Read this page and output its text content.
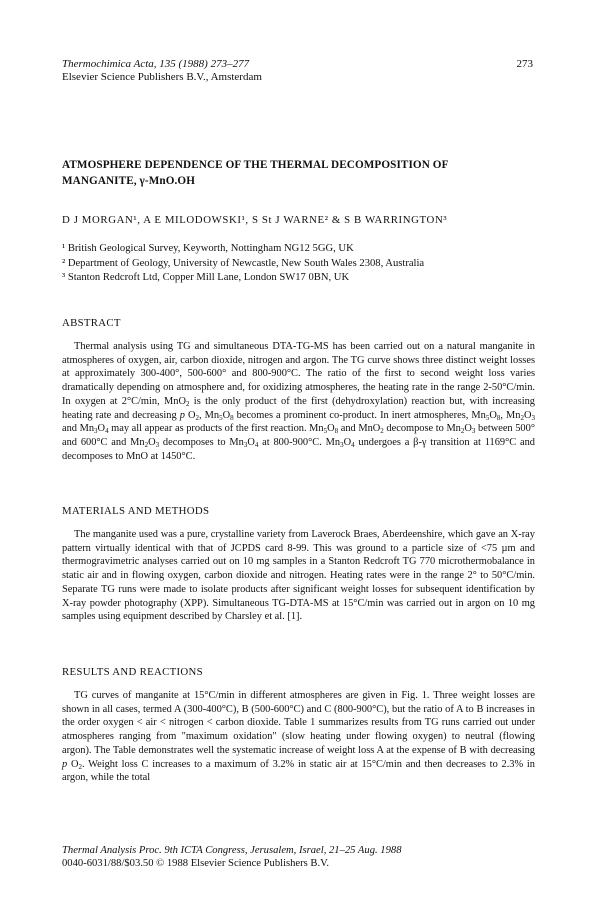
Thermochimica Acta, 135 (1988) 273–277
Elsevier Science Publishers B.V., Amsterdam
273
ATMOSPHERE DEPENDENCE OF THE THERMAL DECOMPOSITION OF
MANGANITE, γ-MnO.OH
D J MORGAN¹, A E MILODOWSKI¹, S St J WARNE² & S B WARRINGTON³
¹ British Geological Survey, Keyworth, Nottingham NG12 5GG, UK
² Department of Geology, University of Newcastle, New South Wales 2308, Australia
³ Stanton Redcroft Ltd, Copper Mill Lane, London SW17 0BN, UK
ABSTRACT

Thermal analysis using TG and simultaneous DTA-TG-MS has been carried out on a natural manganite in atmospheres of oxygen, air, carbon dioxide, nitrogen and argon. The TG curve shows three distinct weight losses at approximately 300-400°, 500-600° and 800-900°C. The ratio of the first to second weight loss varies dramatically depending on atmosphere and, for oxidizing atmospheres, the heating rate in the range 2-50°C/min. In oxygen at 2°C/min, MnO$_2$ is the only product of the first (dehydroxylation) reaction but, with increasing heating rate and decreasing p $O_2$, $Mn_5O_8$ becomes a prominent co-product. In inert atmospheres, $Mn_5O_8$, $Mn_2O_3$ and $Mn_3O_4$ may all appear as products of the first reaction. $Mn_5O_8$ and MnO$_2$ decompose to $Mn_2O_3$ between 500° and 600°C and $Mn_2O_3$ decomposes to $Mn_3O_4$ at 800-900°C. $Mn_3O_4$ undergoes a β-γ transition at 1169°C and decomposes to MnO at 1450°C.

MATERIALS AND METHODS

The manganite used was a pure, crystalline variety from Laverock Braes, Aberdeenshire, which gave an X-ray pattern virtually identical with that of JCPDS card 8-99. This was ground to a particle size of <75 µm and thermogravimetric analyses carried out on 10 mg samples in a Stanton Redcroft TG 770 microthermobalance in static air and in flowing oxygen, carbon dioxide and nitrogen. Heating rates were in the range 2° to 50°C/min. Separate TG runs were made to isolate products after significant weight losses for subsequent identification by X-ray powder photography (XPP). Simultaneous TG-DTA-MS at 15°C/min was carried out in argon on 10 mg samples using equipment described by Charsley et al. [1].

RESULTS AND REACTIONS

TG curves of manganite at 15°C/min in different atmospheres are given in Fig. 1. Three weight losses are shown in all cases, termed A (300-400°C), B (500-600°C) and C (800-900°C), but the ratio of A to B increases in the order oxygen < air < nitrogen < carbon dioxide. Table 1 summarizes results from TG runs carried out under atmospheres ranging from "maximum oxidation" (slow heating under flowing oxygen) to neutral (flowing argon). The Table demonstrates well the systematic increase of weight loss A at the expense of B with decreasing p $O_2$. Weight loss C increases to a maximum of 3.2% in static air at 15°C/min and then decreases to 2.3% in argon, while the total

Thermal Analysis Proc. 9th ICTA Congress, Jerusalem, Israel, 21–25 Aug. 1988
0040-6031/88/$03.50 © 1988 Elsevier Science Publishers B.V.
